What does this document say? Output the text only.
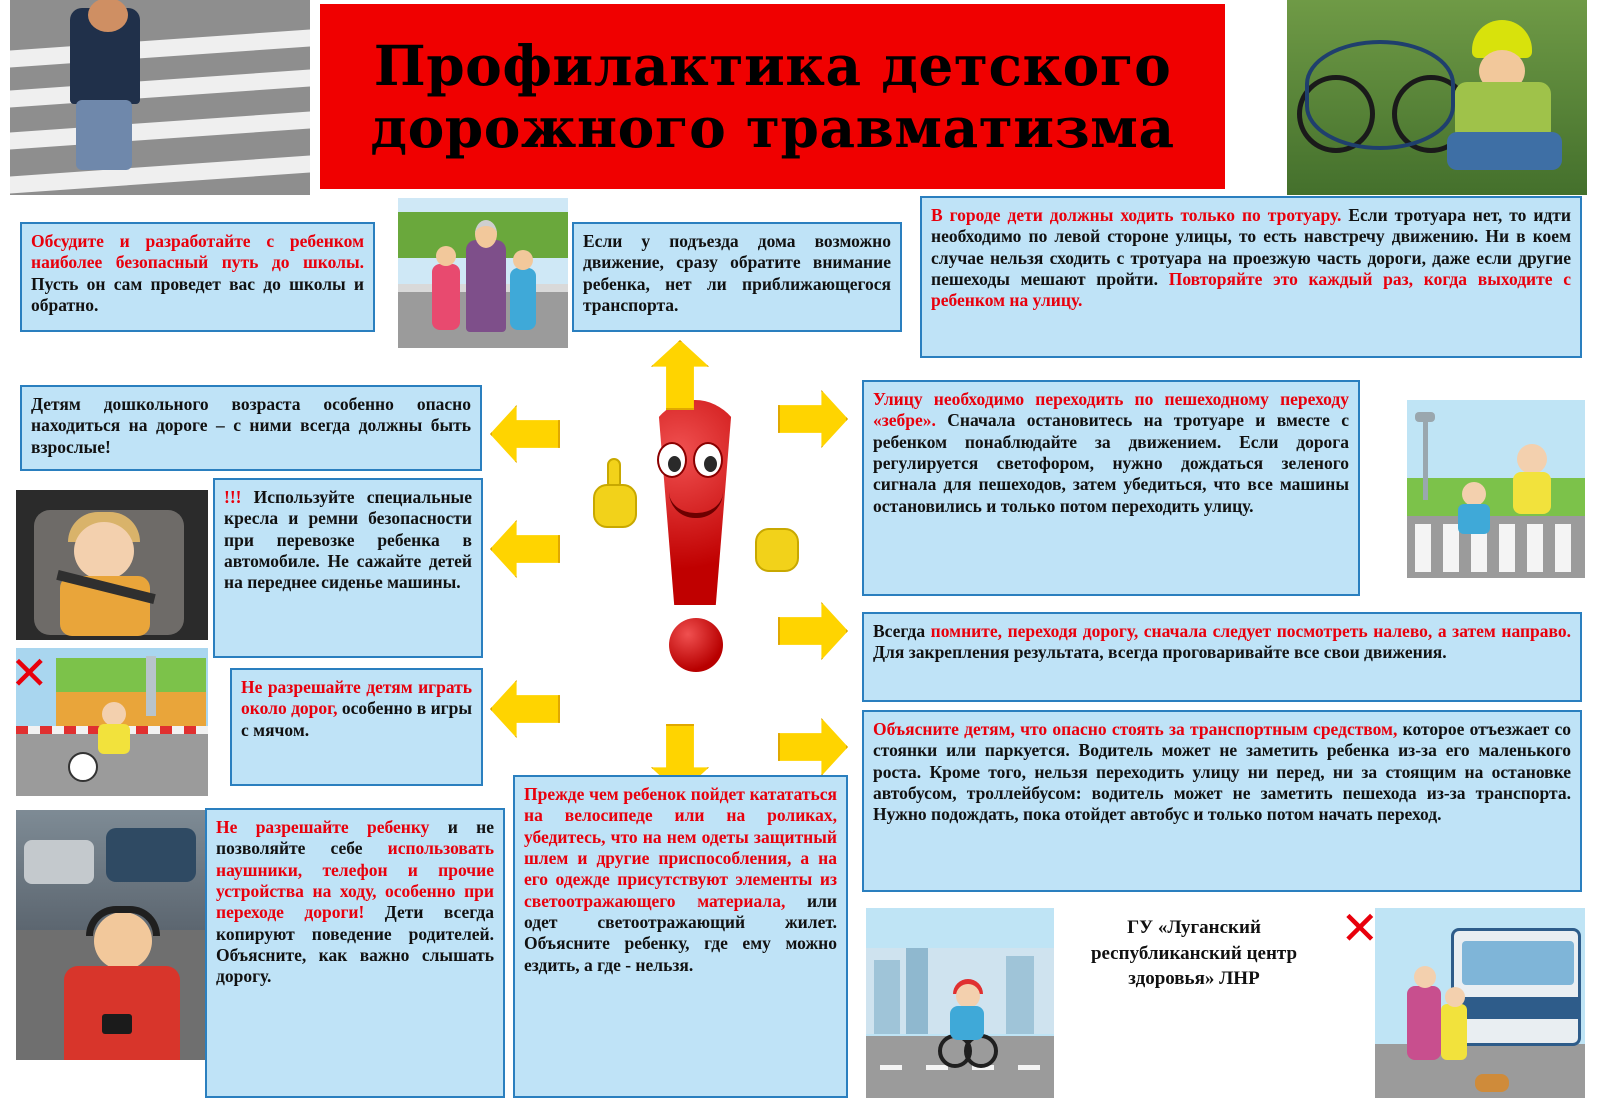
Профилактика детского дорожного травматизма
✕
✕
Обсудите и разработайте с ребенком наиболее безопасный путь до школы. Пусть он сам проведет вас до школы и обратно.
Если у подъезда дома возможно движение, сразу обратите внимание ребенка, нет ли приближающегося транспорта.
В городе дети должны ходить только по тротуару. Если тротуара нет, то идти необходимо по левой стороне улицы, то есть навстречу движению. Ни в коем случае нельзя сходить с тротуара на проезжую часть дороги, даже если другие пешеходы мешают пройти. Повторяйте это каждый раз, когда выходите с ребенком на улицу.
Детям дошкольного возраста особенно опасно находиться на дороге – с ними всегда должны быть взрослые!
Улицу необходимо переходить по пешеходному переходу «зебре». Сначала остановитесь на тротуаре и вместе с ребенком понаблюдайте за движением. Если дорога регулируется светофором, нужно дождаться зеленого сигнала для пешеходов, затем убедиться, что все машины остановились и только потом переходить улицу.
!!! Используйте специальные кресла и ремни безопасности при перевозке ребенка в автомобиле. Не сажайте детей на переднее сиденье машины.
Всегда помните, переходя дорогу, сначала следует посмотреть налево, а затем направо. Для закрепления результата, всегда проговаривайте все свои движения.
Не разрешайте детям играть около дорог, особенно в игры с мячом.	Объясните детям, что опасно стоять за транспортным средством, которое отъезжает со стоянки или паркуется. Водитель может не заметить ребенка из-за его маленького роста. Кроме того, нельзя переходить улицу ни перед, ни за стоящим на остановке автобусом, троллейбусом: водитель может не заметить пешехода из-за транспорта. Нужно подождать, пока отойдет автобус и только потом начать переход.
Не разрешайте ребенку и не позволяйте себе использовать наушники, телефон и прочие устройства на ходу, особенно при переходе дороги! Дети всегда копируют поведение родителей. Объясните, как важно слышать дорогу.
Прежде чем ребенок пойдет катататься на велосипеде или на роликах, убедитесь, что на нем одеты защитный шлем и другие приспособления, а на его одежде присутствуют элементы из светоотражающего материала, или одет светоотражающий жилет. Объясните ребенку, где ему можно ездить, а где - нельзя.
ГУ «Луганский республиканский центр здоровья» ЛНР
